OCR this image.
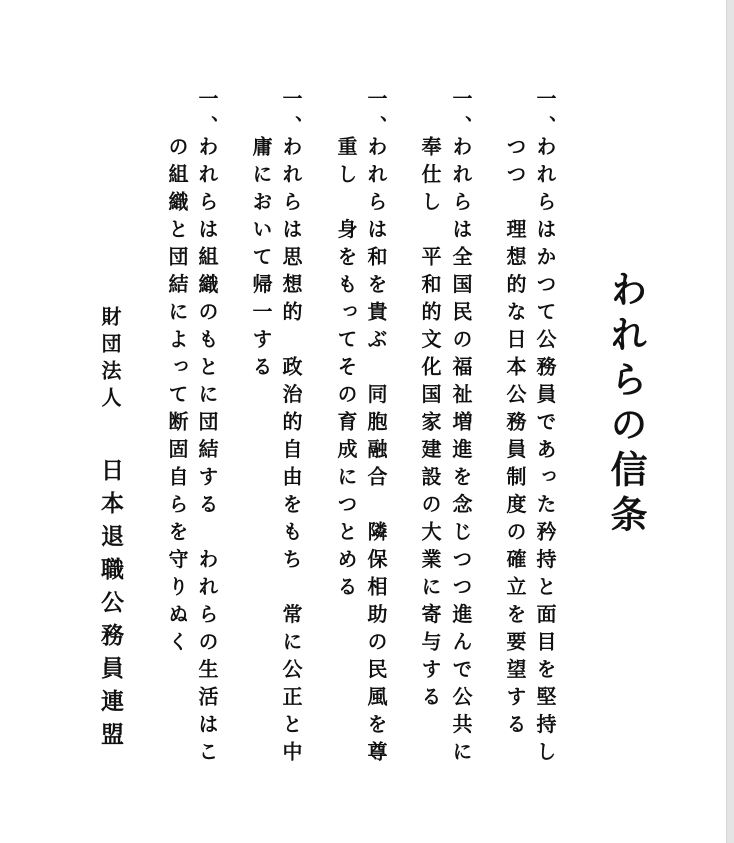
われらの信条
一、
われらはかつて公務員であった矜持と面目を堅持し
つつ　理想的な日本公務員制度の確立を要望する
一、
われらは全国民の福祉増進を念じつつ進んで公共に
奉仕し　平和的文化国家建設の大業に寄与する
一、
われらは和を貴ぶ　同胞融合　隣保相助の民風を尊
重し　身をもってその育成につとめる
一、
われらは思想的　政治的自由をもち　常に公正と中
庸において帰一する
一、
われらは組織のもとに団結する　われらの生活はこ
の組織と団結によって断固自らを守りぬく
財団法人
日本退職公務員連盟
